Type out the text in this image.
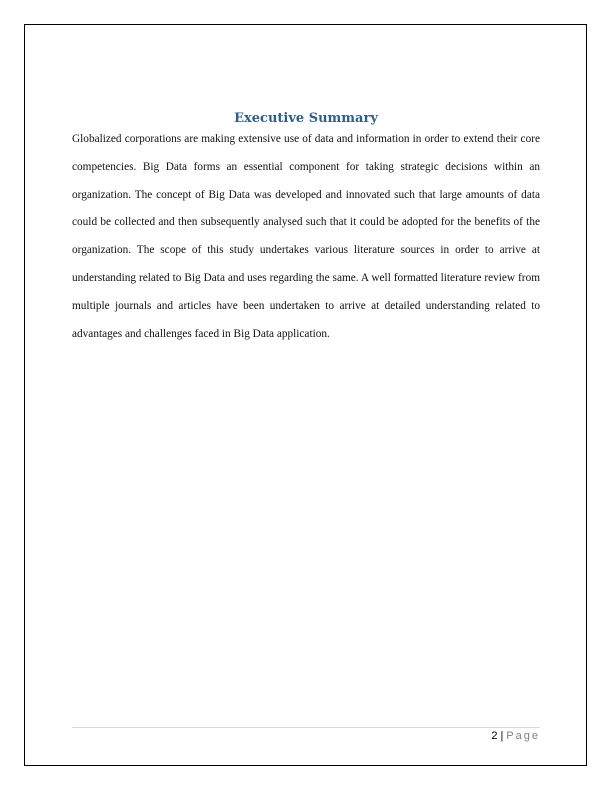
Executive Summary

Globalized corporations are making extensive use of data and information in order to extend their core competencies. Big Data forms an essential component for taking strategic decisions within an organization. The concept of Big Data was developed and innovated such that large amounts of data could be collected and then subsequently analysed such that it could be adopted for the benefits of the organization. The scope of this study undertakes various literature sources in order to arrive at understanding related to Big Data and uses regarding the same. A well formatted literature review from multiple journals and articles have been undertaken to arrive at detailed understanding related to advantages and challenges faced in Big Data application.

2 | Page
